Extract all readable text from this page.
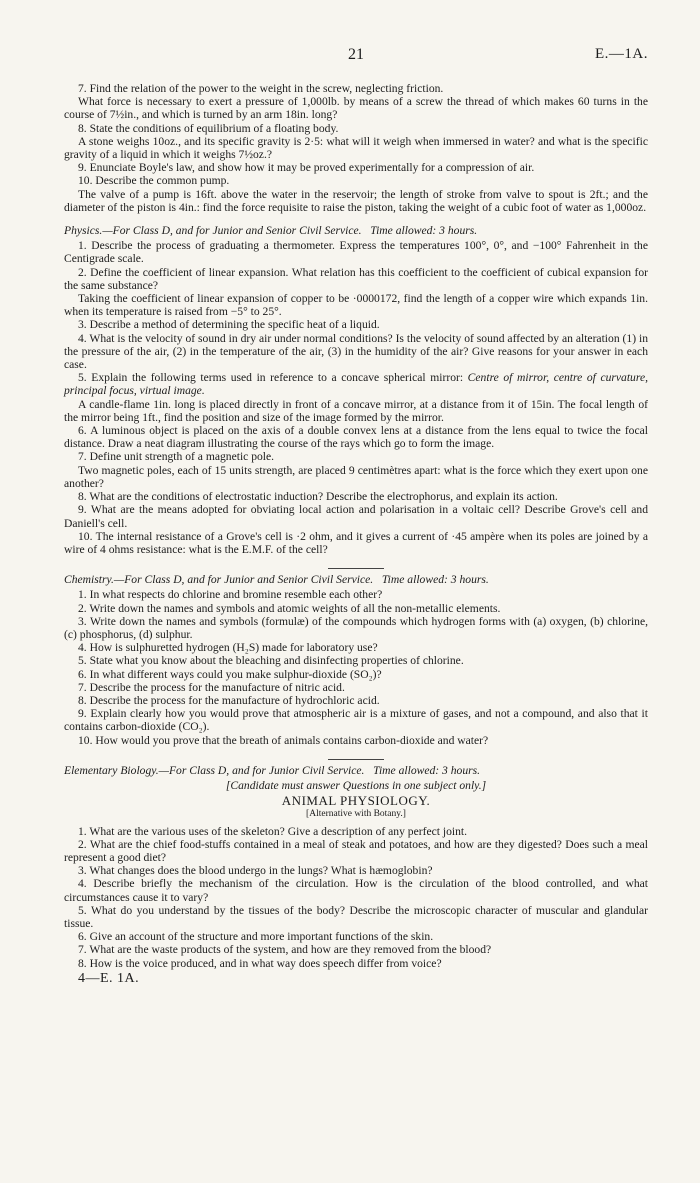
21	E.—1A.

7. Find the relation of the power to the weight in the screw, neglecting friction.

What force is necessary to exert a pressure of 1,000lb. by means of a screw the thread of which makes 60 turns in the course of 7½in., and which is turned by an arm 18in. long?

8. State the conditions of equilibrium of a floating body.

A stone weighs 10oz., and its specific gravity is 2·5: what will it weigh when immersed in water? and what is the specific gravity of a liquid in which it weighs 7½oz.?

9. Enunciate Boyle's law, and show how it may be proved experimentally for a compression of air.

10. Describe the common pump.

The valve of a pump is 16ft. above the water in the reservoir; the length of stroke from valve to spout is 2ft.; and the diameter of the piston is 4in.: find the force requisite to raise the piston, taking the weight of a cubic foot of water as 1,000oz.

Physics.—For Class D, and for Junior and Senior Civil Service. Time allowed: 3 hours.

1. Describe the process of graduating a thermometer. Express the temperatures 100°, 0°, and −100° Fahrenheit in the Centigrade scale.

2. Define the coefficient of linear expansion. What relation has this coefficient to the coefficient of cubical expansion for the same substance?

Taking the coefficient of linear expansion of copper to be ·0000172, find the length of a copper wire which expands 1in. when its temperature is raised from −5° to 25°.

3. Describe a method of determining the specific heat of a liquid.

4. What is the velocity of sound in dry air under normal conditions? Is the velocity of sound affected by an alteration (1) in the pressure of the air, (2) in the temperature of the air, (3) in the humidity of the air? Give reasons for your answer in each case.

5. Explain the following terms used in reference to a concave spherical mirror: Centre of mirror, centre of curvature, principal focus, virtual image.

A candle-flame 1in. long is placed directly in front of a concave mirror, at a distance from it of 15in. The focal length of the mirror being 1ft., find the position and size of the image formed by the mirror.

6. A luminous object is placed on the axis of a double convex lens at a distance from the lens equal to twice the focal distance. Draw a neat diagram illustrating the course of the rays which go to form the image.

7. Define unit strength of a magnetic pole.

Two magnetic poles, each of 15 units strength, are placed 9 centimètres apart: what is the force which they exert upon one another?

8. What are the conditions of electrostatic induction? Describe the electrophorus, and explain its action.

9. What are the means adopted for obviating local action and polarisation in a voltaic cell? Describe Grove's cell and Daniell's cell.

10. The internal resistance of a Grove's cell is ·2 ohm, and it gives a current of ·45 ampère when its poles are joined by a wire of 4 ohms resistance: what is the E.M.F. of the cell?

Chemistry.—For Class D, and for Junior and Senior Civil Service. Time allowed: 3 hours.

1. In what respects do chlorine and bromine resemble each other?

2. Write down the names and symbols and atomic weights of all the non-metallic elements.

3. Write down the names and symbols (formulæ) of the compounds which hydrogen forms with (a) oxygen, (b) chlorine, (c) phosphorus, (d) sulphur.

4. How is sulphuretted hydrogen (H₂S) made for laboratory use?

5. State what you know about the bleaching and disinfecting properties of chlorine.

6. In what different ways could you make sulphur-dioxide (SO₂)?

7. Describe the process for the manufacture of nitric acid.

8. Describe the process for the manufacture of hydrochloric acid.

9. Explain clearly how you would prove that atmospheric air is a mixture of gases, and not a compound, and also that it contains carbon-dioxide (CO₂).

10. How would you prove that the breath of animals contains carbon-dioxide and water?

Elementary Biology.—For Class D, and for Junior Civil Service. Time allowed: 3 hours.

[Candidate must answer Questions in one subject only.]

ANIMAL PHYSIOLOGY.

[Alternative with Botany.]

1. What are the various uses of the skeleton? Give a description of any perfect joint.

2. What are the chief food-stuffs contained in a meal of steak and potatoes, and how are they digested? Does such a meal represent a good diet?

3. What changes does the blood undergo in the lungs? What is hæmoglobin?

4. Describe briefly the mechanism of the circulation. How is the circulation of the blood controlled, and what circumstances cause it to vary?

5. What do you understand by the tissues of the body? Describe the microscopic character of muscular and glandular tissue.

6. Give an account of the structure and more important functions of the skin.

7. What are the waste products of the system, and how are they removed from the blood?

8. How is the voice produced, and in what way does speech differ from voice?

4—E. 1A.
